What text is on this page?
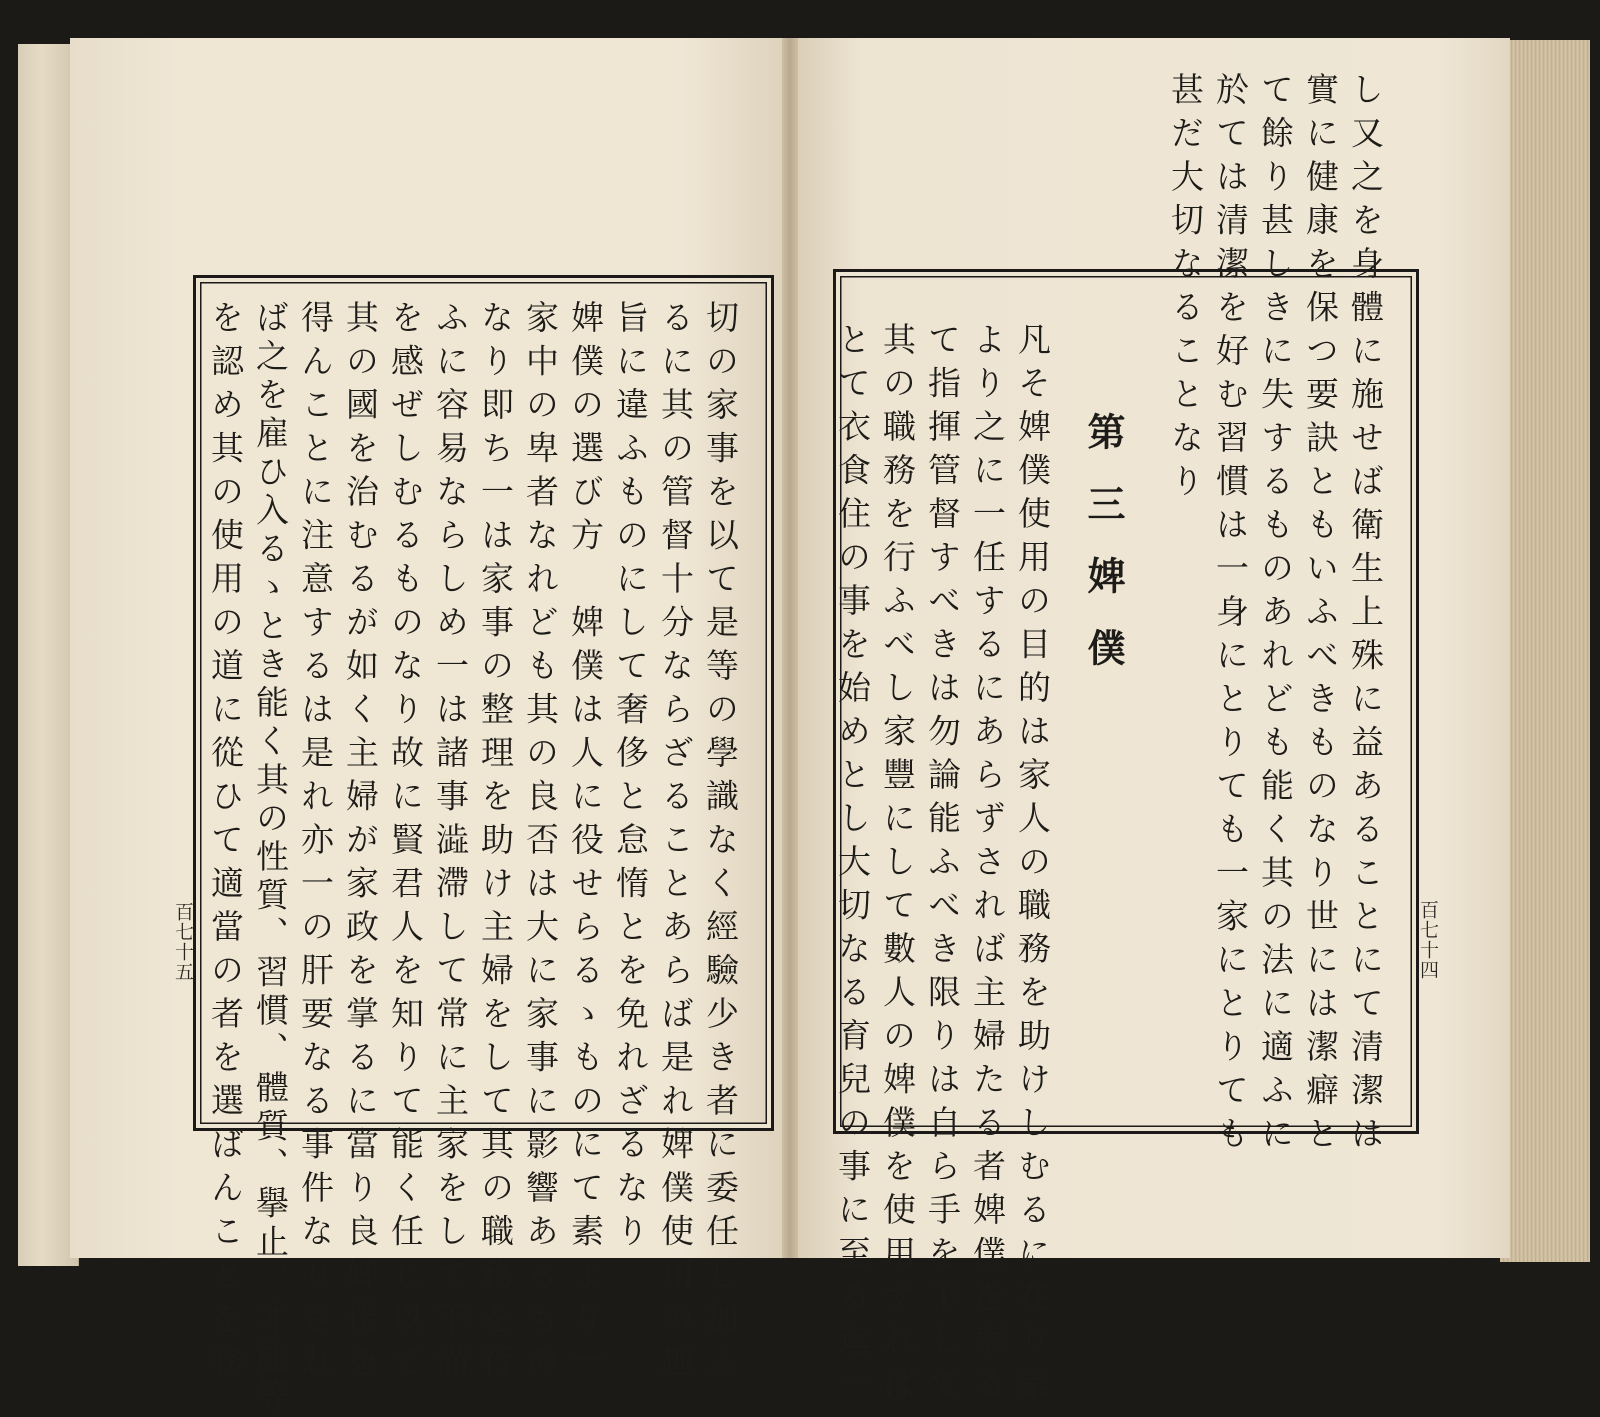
切の家事を以て是等の學識なく經驗少き者に委任し加ふ
るに其の管督十分ならざることあらば是れ婢僕使用の趣
旨に違ふものにして奢侈と怠惰とを免れざるなり
婢僕の選び方　婢僕は人に役せらるゝものにて素より一
家中の卑者なれども其の良否は大に家事に影響あるもの
なり即ち一は家事の整理を助け主婦をして其の職務を行
ふに容易ならしめ一は諸事澁滯して常に主家をして不滿
を感ぜしむるものなり故に賢君人を知りて能く任じ以て
其の國を治むるが如く主婦が家政を掌るに當り良婢僕を
得んことに注意するは是れ亦一の肝要なる事件なりされ
ば之を雇ひ入るゝとき能く其の性質、習慣、體質、擧止、才能等
を認め其の使用の道に從ひて適當の者を選ばんことを務
百七十五	し又之を身體に施せば衛生上殊に益あることにて清潔は
實に健康を保つ要訣ともいふべきものなり世には潔癖と
て餘り甚しきに失するものあれども能く其の法に適ふに
於ては清潔を好む習慣は一身にとりても一家にとりても
甚だ大切なることなり
第三婢僕
凡そ婢僕使用の目的は家人の職務を助けしむるに在り素
より之に一任するにあらずされば主婦たる者婢僕を率る
て指揮管督すべきは勿論能ふべき限りは自ら手を下して
其の職務を行ふべし家豐にして數人の婢僕を使用すれば
とて衣食住の事を始めとし大切なる育兒の事に至る迄一	百七十四
